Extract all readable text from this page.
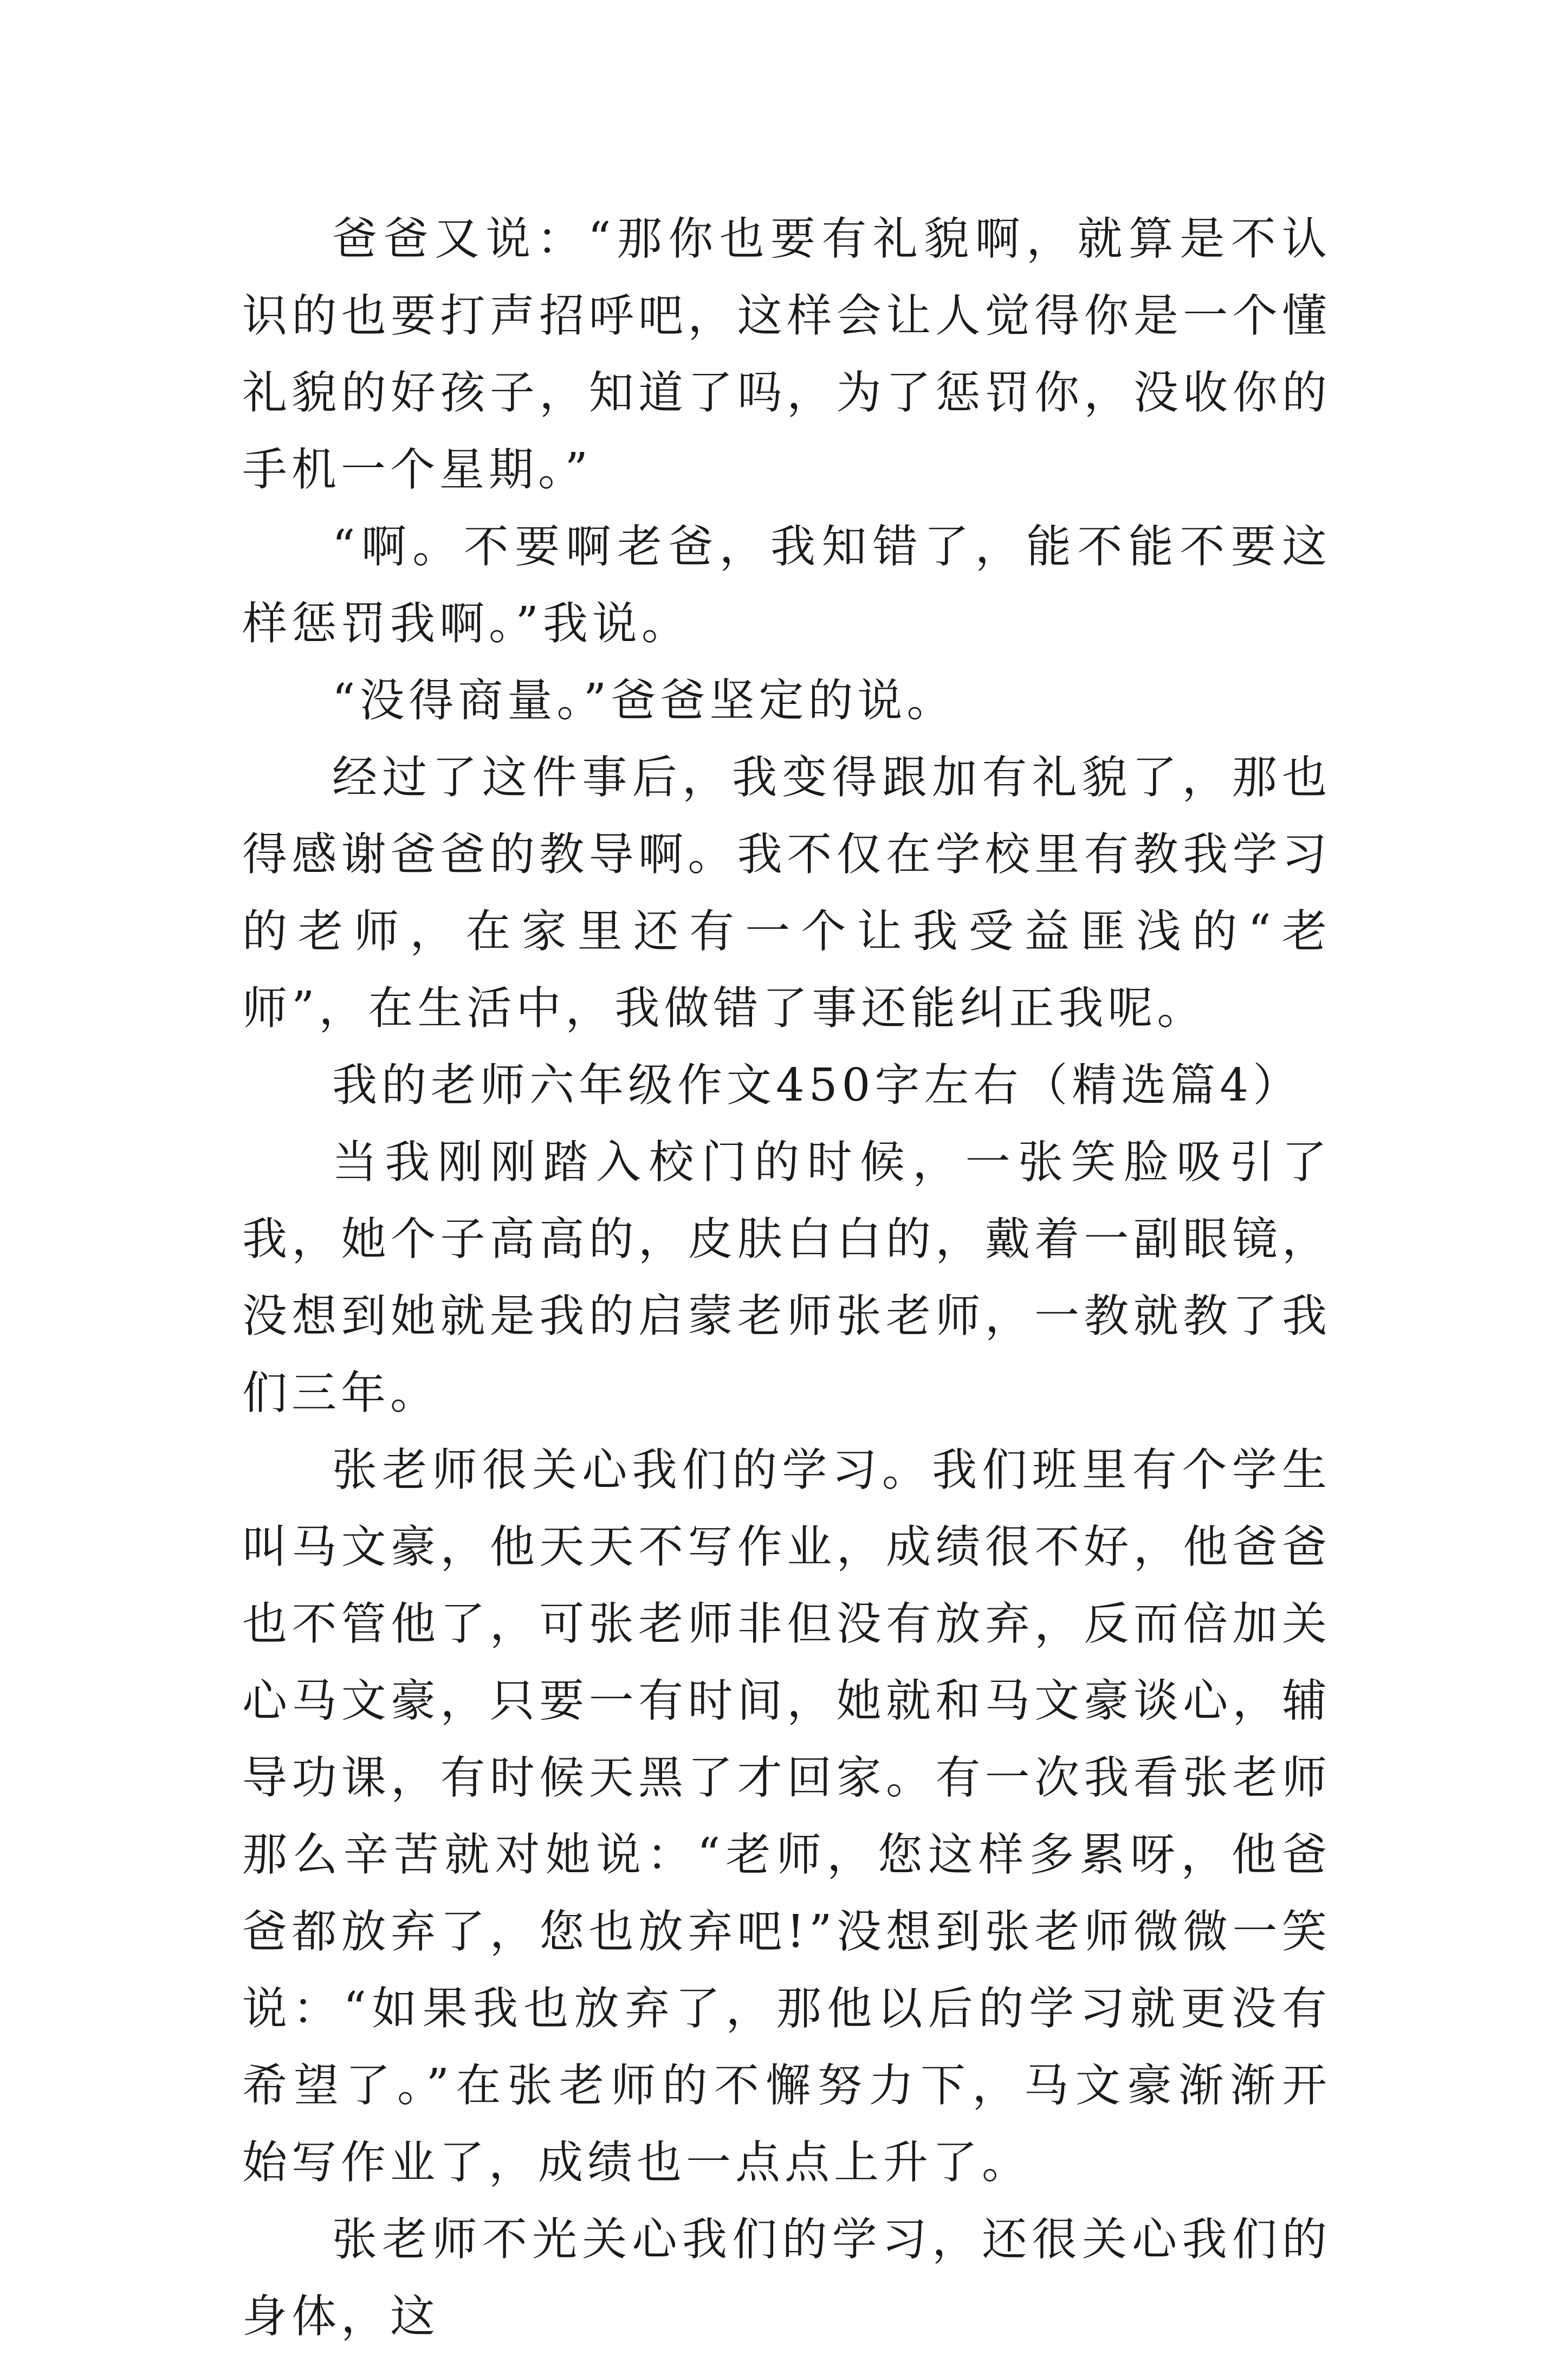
爸爸又说：“那你也要有礼貌啊，就算是不认识的也要打声招呼吧，这样会让人觉得你是一个懂礼貌的好孩子，知道了吗，为了惩罚你，没收你的手机一个星期。”

“啊。不要啊老爸，我知错了，能不能不要这样惩罚我啊。”我说。

“没得商量。”爸爸坚定的说。

经过了这件事后，我变得跟加有礼貌了，那也得感谢爸爸的教导啊。我不仅在学校里有教我学习的老师，在家里还有一个让我受益匪浅的“老师”，在生活中，我做错了事还能纠正我呢。

我的老师六年级作文450字左右（精选篇4）

当我刚刚踏入校门的时候，一张笑脸吸引了我，她个子高高的，皮肤白白的，戴着一副眼镜，没想到她就是我的启蒙老师张老师，一教就教了我们三年。

张老师很关心我们的学习。我们班里有个学生叫马文豪，他天天不写作业，成绩很不好，他爸爸也不管他了，可张老师非但没有放弃，反而倍加关心马文豪，只要一有时间，她就和马文豪谈心，辅导功课，有时候天黑了才回家。有一次我看张老师那么辛苦就对她说：“老师，您这样多累呀，他爸爸都放弃了，您也放弃吧!”没想到张老师微微一笑说：“如果我也放弃了，那他以后的学习就更没有希望了。”在张老师的不懈努力下，马文豪渐渐开始写作业了，成绩也一点点上升了。

张老师不光关心我们的学习，还很关心我们的身体，这
